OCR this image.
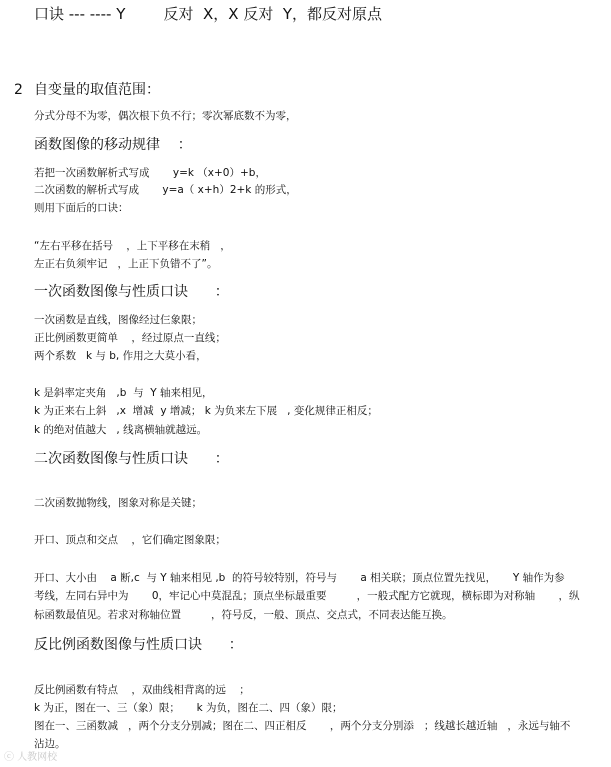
口诀 --- ---- Y        反对  X，X 反对  Y，都反对原点
2 自变量的取值范围：
分式分母不为零，偶次根下负不行；零次幂底数不为零，
函数图像的移动规律    ：
若把一次函数解析式写成       y=k （x+0）+b，
二次函数的解析式写成       y=a（ x+h）2+k 的形式，
则用下面后的口诀：
“左右平移在括号    ，上下平移在末稍   ，
左正右负须牢记   ，上正下负错不了”。
一次函数图像与性质口诀      ：
一次函数是直线，图像经过仨象限；
正比例函数更简单    ，经过原点一直线；
两个系数   k 与 b, 作用之大莫小看，
k 是斜率定夹角   ,b  与  Y 轴来相见，
k 为正来右上斜   ,x  增减  y 增减； k 为负来左下展   , 变化规律正相反；
k 的绝对值越大   , 线离横轴就越远。
二次函数图像与性质口诀      ：
二次函数抛物线，图象对称是关键；
开口、顶点和交点    ，它们确定图象限；
开口、大小由    a 断,c  与 Y 轴来相见 ,b  的符号较特别，符号与       a 相关联；顶点位置先找见，     Y 轴作为参
考线，左同右异中为       0，牢记心中莫混乱；顶点坐标最重要         ，一般式配方它就现，横标即为对称轴       ，纵
标函数最值见。若求对称轴位置         ，符号反，一般、顶点、交点式，不同表达能互换。
反比例函数图像与性质口诀      ：
反比例函数有特点    ，双曲线相背离的远    ；
k 为正，图在一、三（象）限；     k 为负，图在二、四（象）限；
图在一、三函数减   ，两个分支分别减；图在二、四正相反       ，两个分支分别添   ；线越长越近轴   ，永远与轴不
沾边。
ⓒ 人教网校
